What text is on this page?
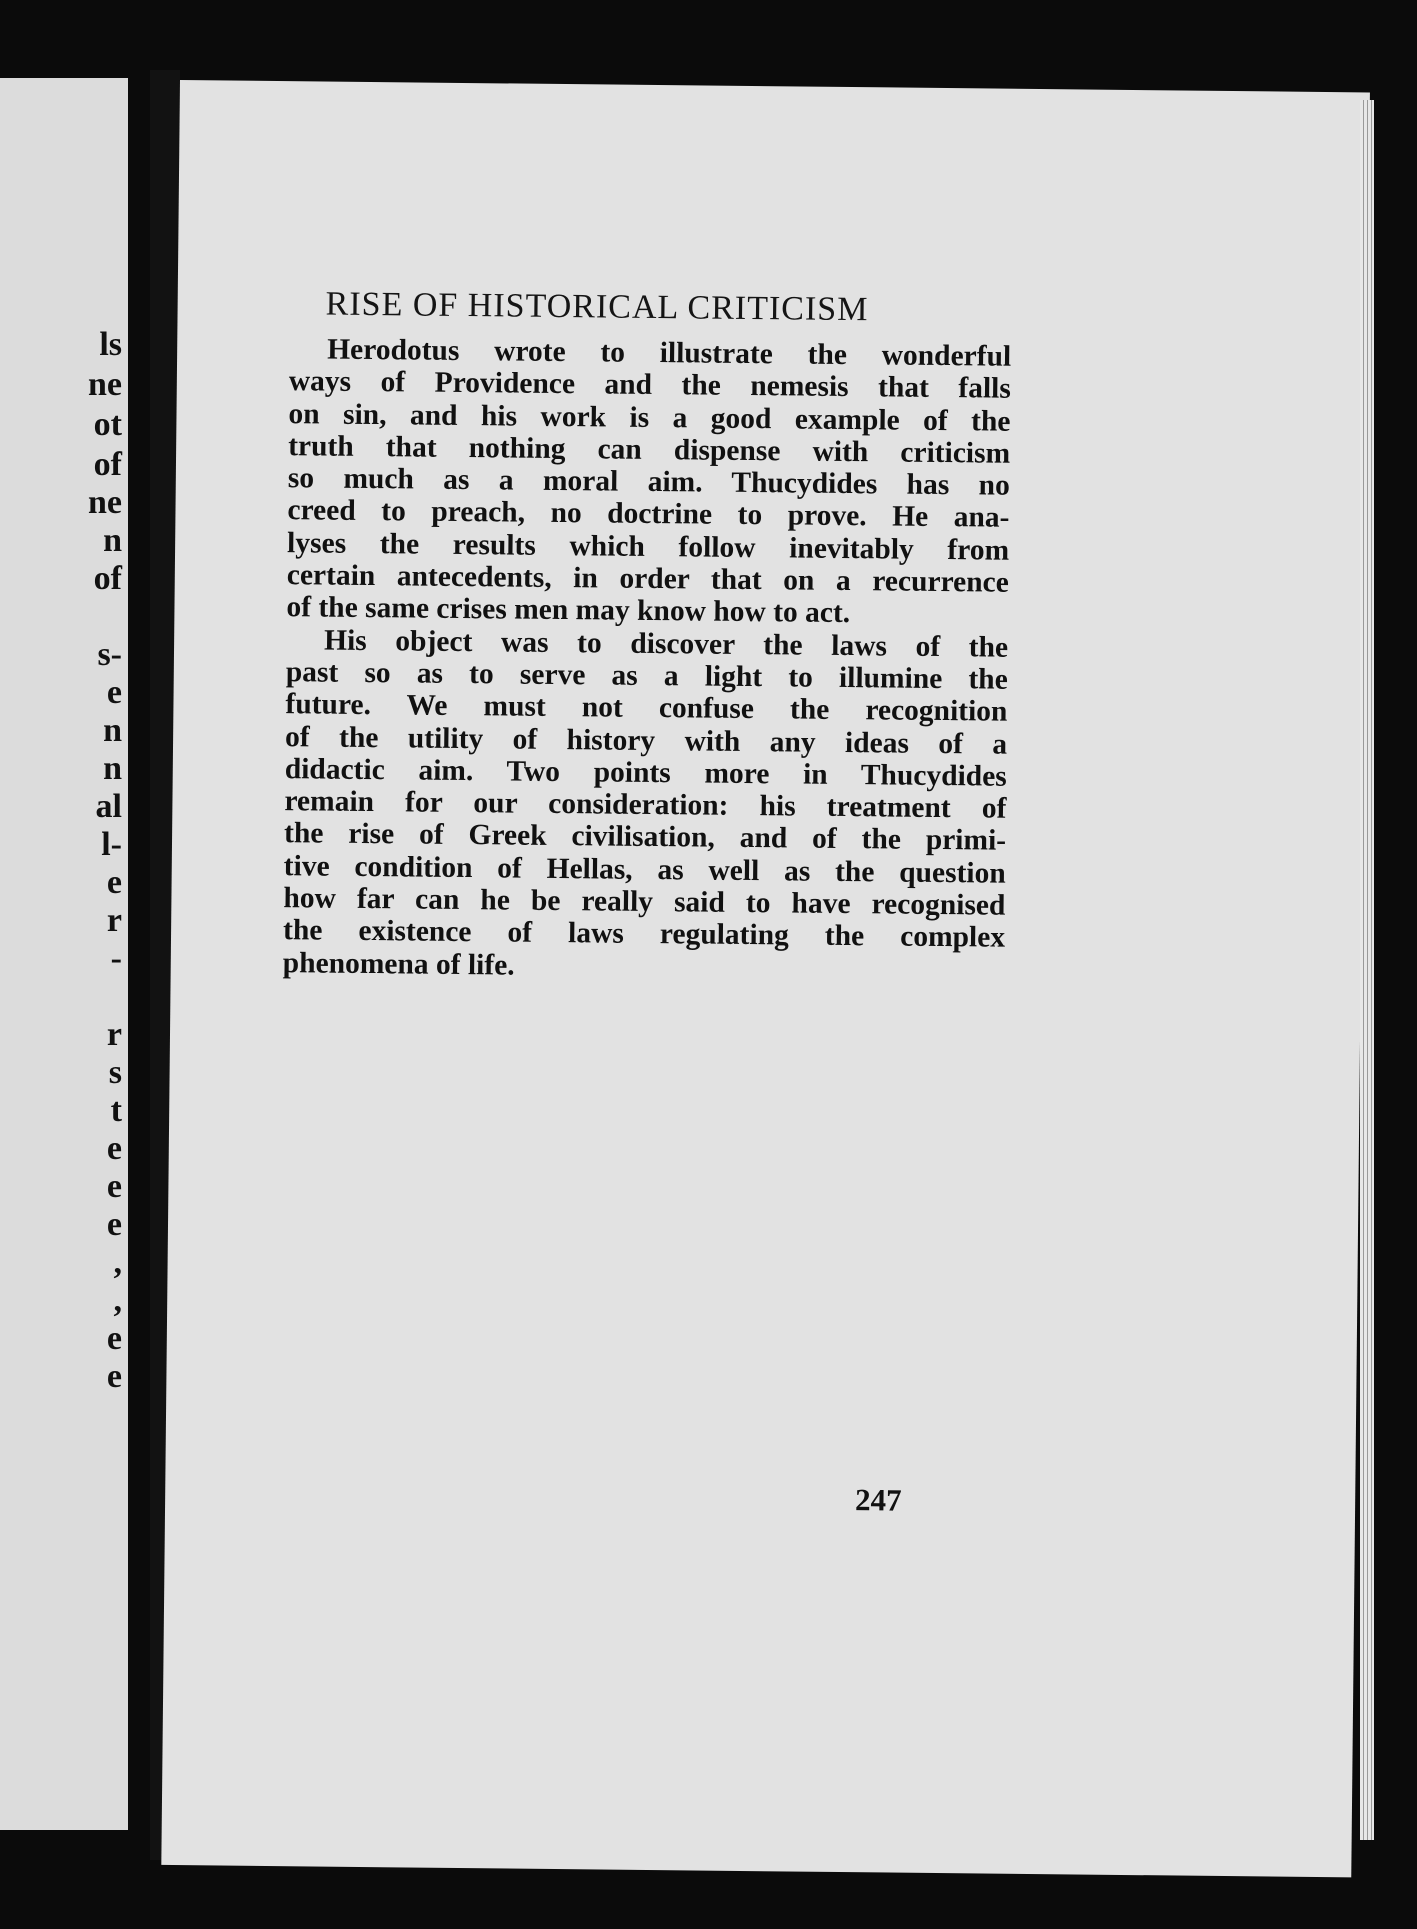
ls
ne
ot
of
ne
n
of
s-
e
n
n
al
l-
e
r
-
r
s
t
e
e
e
,
,
e
e
RISE OF HISTORICAL CRITICISM

Herodotus wrote to illustrate the wonderful
ways of Providence and the nemesis that falls
on sin, and his work is a good example of the
truth that nothing can dispense with criticism
so much as a moral aim. Thucydides has no
creed to preach, no doctrine to prove. He ana-
lyses the results which follow inevitably from
certain antecedents, in order that on a recurrence
of the same crises men may know how to act.

His object was to discover the laws of the
past so as to serve as a light to illumine the
future. We must not confuse the recognition
of the utility of history with any ideas of a
didactic aim. Two points more in Thucydides
remain for our consideration: his treatment of
the rise of Greek civilisation, and of the primi-
tive condition of Hellas, as well as the question
how far can he be really said to have recognised
the existence of laws regulating the complex
phenomena of life.

247
